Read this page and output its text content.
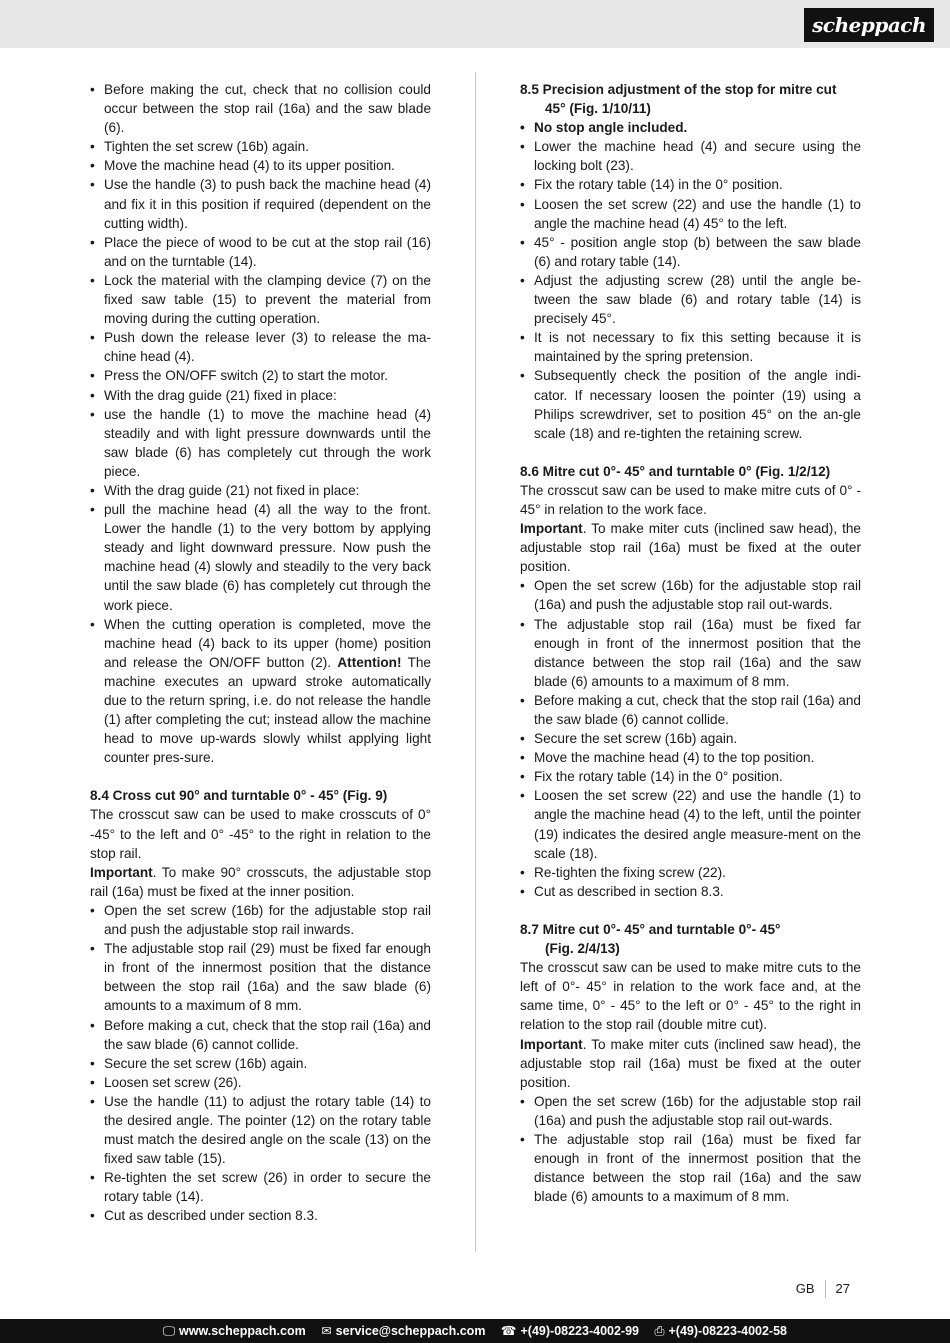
scheppach
• Before making the cut, check that no collision could occur between the stop rail (16a) and the saw blade (6).
• Tighten the set screw (16b) again.
• Move the machine head (4) to its upper position.
• Use the handle (3) to push back the machine head (4) and fix it in this position if required (dependent on the cutting width).
• Place the piece of wood to be cut at the stop rail (16) and on the turntable (14).
• Lock the material with the clamping device (7) on the fixed saw table (15) to prevent the material from moving during the cutting operation.
• Push down the release lever (3) to release the ma-chine head (4).
• Press the ON/OFF switch (2) to start the motor.
• With the drag guide (21) fixed in place:
• use the handle (1) to move the machine head (4) steadily and with light pressure downwards until the saw blade (6) has completely cut through the work piece.
• With the drag guide (21) not fixed in place:
• pull the machine head (4) all the way to the front. Lower the handle (1) to the very bottom by applying steady and light downward pressure. Now push the machine head (4) slowly and steadily to the very back until the saw blade (6) has completely cut through the work piece.
• When the cutting operation is completed, move the machine head (4) back to its upper (home) position and release the ON/OFF button (2). Attention! The machine executes an upward stroke automatically due to the return spring, i.e. do not release the handle (1) after completing the cut; instead allow the machine head to move up-wards slowly whilst applying light counter pres-sure.
8.4 Cross cut 90° and turntable 0° - 45° (Fig. 9)

The crosscut saw can be used to make crosscuts of 0° -45° to the left and 0° -45° to the right in relation to the stop rail.

Important. To make 90° crosscuts, the adjustable stop rail (16a) must be fixed at the inner position.

• Open the set screw (16b) for the adjustable stop rail and push the adjustable stop rail inwards.
• The adjustable stop rail (29) must be fixed far enough in front of the innermost position that the distance between the stop rail (16a) and the saw blade (6) amounts to a maximum of 8 mm.
• Before making a cut, check that the stop rail (16a) and the saw blade (6) cannot collide.
• Secure the set screw (16b) again.
• Loosen set screw (26).
• Use the handle (11) to adjust the rotary table (14) to the desired angle. The pointer (12) on the rotary table must match the desired angle on the scale (13) on the fixed saw table (15).
• Re-tighten the set screw (26) in order to secure the rotary table (14).
• Cut as described under section 8.3.
8.5 Precision adjustment of the stop for mitre cut
45° (Fig. 1/10/11)
• No stop angle included.
• Lower the machine head (4) and secure using the locking bolt (23).
• Fix the rotary table (14) in the 0° position.
• Loosen the set screw (22) and use the handle (1) to angle the machine head (4) 45° to the left.
• 45° - position angle stop (b) between the saw blade (6) and rotary table (14).
• Adjust the adjusting screw (28) until the angle be-tween the saw blade (6) and rotary table (14) is precisely 45°.
• It is not necessary to fix this setting because it is maintained by the spring pretension.
• Subsequently check the position of the angle indi-cator. If necessary loosen the pointer (19) using a Philips screwdriver, set to position 45° on the an-gle scale (18) and re-tighten the retaining screw.
8.6 Mitre cut 0°- 45° and turntable 0° (Fig. 1/2/12)

The crosscut saw can be used to make mitre cuts of 0° - 45° in relation to the work face.

Important. To make miter cuts (inclined saw head), the adjustable stop rail (16a) must be fixed at the outer position.

• Open the set screw (16b) for the adjustable stop rail (16a) and push the adjustable stop rail out-wards.
• The adjustable stop rail (16a) must be fixed far enough in front of the innermost position that the distance between the stop rail (16a) and the saw blade (6) amounts to a maximum of 8 mm.
• Before making a cut, check that the stop rail (16a) and the saw blade (6) cannot collide.
• Secure the set screw (16b) again.
• Move the machine head (4) to the top position.
• Fix the rotary table (14) in the 0° position.
• Loosen the set screw (22) and use the handle (1) to angle the machine head (4) to the left, until the pointer (19) indicates the desired angle measure-ment on the scale (18).
• Re-tighten the fixing screw (22).
• Cut as described in section 8.3.
8.7 Mitre cut 0°- 45° and turntable 0°- 45°
(Fig. 2/4/13)

The crosscut saw can be used to make mitre cuts to the left of 0°- 45° in relation to the work face and, at the same time, 0° - 45° to the left or 0° - 45° to the right in relation to the stop rail (double mitre cut).

Important. To make miter cuts (inclined saw head), the adjustable stop rail (16a) must be fixed at the outer position.

• Open the set screw (16b) for the adjustable stop rail (16a) and push the adjustable stop rail out-wards.
• The adjustable stop rail (16a) must be fixed far enough in front of the innermost position that the distance between the stop rail (16a) and the saw blade (6) amounts to a maximum of 8 mm.
GB 27
🖵 www.scheppach.com ✉ service@scheppach.com ☎ +(49)-08223-4002-99 ⎙ +(49)-08223-4002-58
